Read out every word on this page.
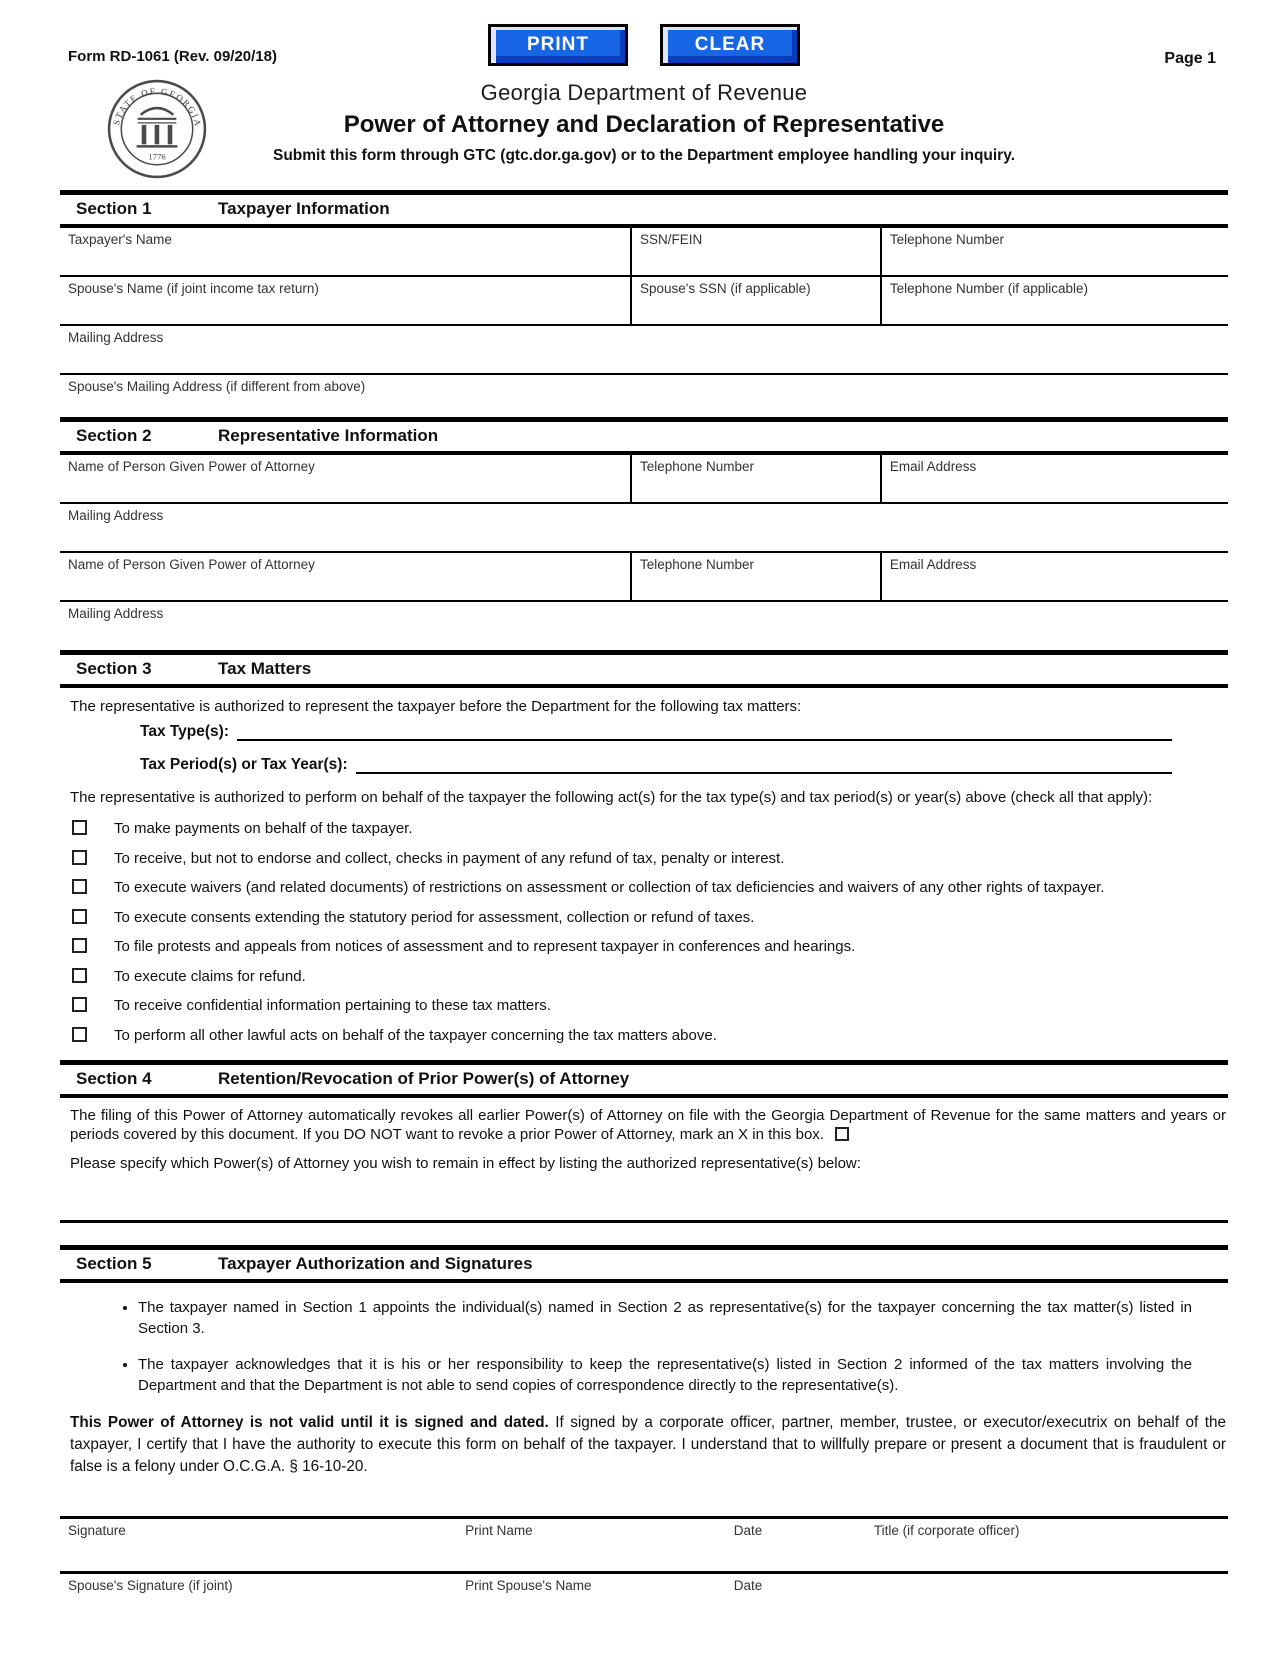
PRINT	CLEAR
Form RD-1061 (Rev. 09/20/18)	Page 1
STATE OF GEORGIA
1776
Georgia Department of Revenue
Power of Attorney and Declaration of Representative
Submit this form through GTC (gtc.dor.ga.gov) or to the Department employee handling your inquiry.
Section 1	Taxpayer Information
Taxpayer's Name	SSN/FEIN	Telephone Number
Spouse's Name (if joint income tax return)	Spouse's SSN (if applicable)	Telephone Number (if applicable)
Mailing Address
Spouse's Mailing Address (if different from above)
Section 2	Representative Information
Name of Person Given Power of Attorney	Telephone Number	Email Address
Mailing Address
Name of Person Given Power of Attorney	Telephone Number	Email Address
Mailing Address
Section 3	Tax Matters

The representative is authorized to represent the taxpayer before the Department for the following tax matters:

Tax Type(s):
Tax Period(s) or Tax Year(s):

The representative is authorized to perform on behalf of the taxpayer the following act(s) for the tax type(s) and tax period(s) or year(s) above (check all that apply):

To make payments on behalf of the taxpayer.
To receive, but not to endorse and collect, checks in payment of any refund of tax, penalty or interest.
To execute waivers (and related documents) of restrictions on assessment or collection of tax deficiencies and waivers of any other rights of taxpayer.
To execute consents extending the statutory period for assessment, collection or refund of taxes.
To file protests and appeals from notices of assessment and to represent taxpayer in conferences and hearings.
To execute claims for refund.
To receive confidential information pertaining to these tax matters.
To perform all other lawful acts on behalf of the taxpayer concerning the tax matters above.
Section 4	Retention/Revocation of Prior Power(s) of Attorney

The filing of this Power of Attorney automatically revokes all earlier Power(s) of Attorney on file with the Georgia Department of Revenue for the same matters and years or periods covered by this document. If you DO NOT want to revoke a prior Power of Attorney, mark an X in this box.

Please specify which Power(s) of Attorney you wish to remain in effect by listing the authorized representative(s) below:

Section 5	Taxpayer Authorization and Signatures
• The taxpayer named in Section 1 appoints the individual(s) named in Section 2 as representative(s) for the taxpayer concerning the tax matter(s) listed in Section 3.
• The taxpayer acknowledges that it is his or her responsibility to keep the representative(s) listed in Section 2 informed of the tax matters involving the Department and that the Department is not able to send copies of correspondence directly to the representative(s).

This Power of Attorney is not valid until it is signed and dated. If signed by a corporate officer, partner, member, trustee, or executor/executrix on behalf of the taxpayer, I certify that I have the authority to execute this form on behalf of the taxpayer. I understand that to willfully prepare or present a document that is fraudulent or false is a felony under O.C.G.A. § 16-10-20.

Signature	Print Name	Date	Title (if corporate officer)
Spouse's Signature (if joint)	Print Spouse's Name	Date
